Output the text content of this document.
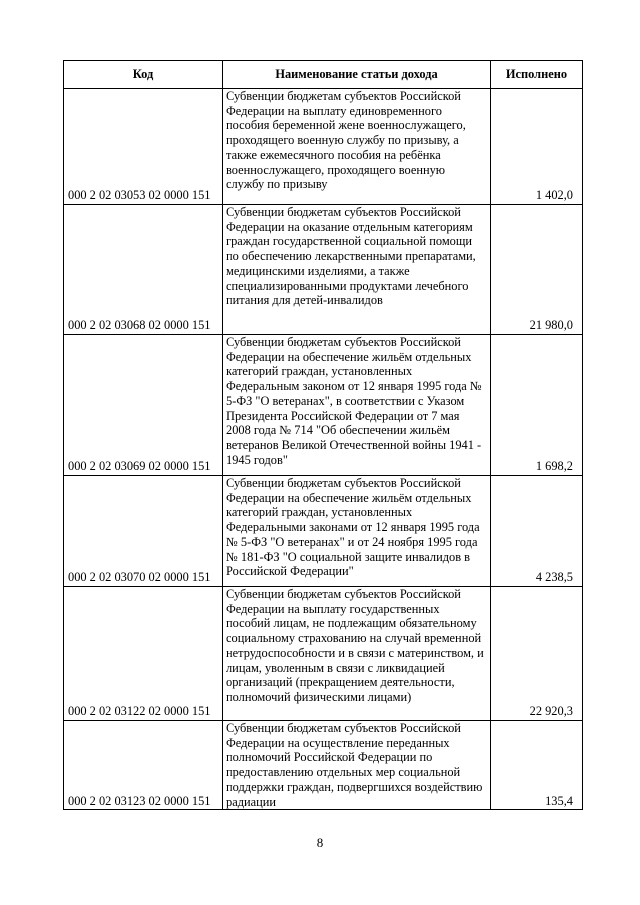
Код	Наименование статьи дохода	Исполнено
000 2 02 03053 02 0000 151	Субвенции бюджетам субъектов Российской Федерации на выплату единовременного пособия беременной жене военнослужащего, проходящего военную службу по призыву, а также ежемесячного пособия на ребёнка военнослужащего, проходящего военную службу по призыву	1 402,0
000 2 02 03068 02 0000 151	Субвенции бюджетам субъектов Российской Федерации на оказание отдельным категориям граждан государственной социальной помощи по обеспечению лекарственными препаратами, медицинскими изделиями, а также специализированными продуктами лечебного питания для детей-инвалидов	21 980,0
000 2 02 03069 02 0000 151	Субвенции бюджетам субъектов Российской Федерации на обеспечение жильём отдельных категорий граждан, установленных Федеральным законом от 12 января 1995 года № 5-ФЗ "О ветеранах", в соответствии с Указом Президента Российской Федерации от 7 мая 2008 года № 714 "Об обеспечении жильём ветеранов Великой Отечественной войны 1941 - 1945 годов"	1 698,2
000 2 02 03070 02 0000 151	Субвенции бюджетам субъектов Российской Федерации на обеспечение жильём отдельных категорий граждан, установленных Федеральными законами от 12 января 1995 года № 5-ФЗ "О ветеранах" и от 24 ноября 1995 года № 181-ФЗ "О социальной защите инвалидов в Российской Федерации"	4 238,5
000 2 02 03122 02 0000 151	Субвенции бюджетам субъектов Российской Федерации на выплату государственных пособий лицам, не подлежащим обязательному социальному страхованию на случай временной нетрудоспособности и в связи с материнством, и лицам, уволенным в связи с ликвидацией организаций (прекращением деятельности, полномочий физическими лицами)	22 920,3
000 2 02 03123 02 0000 151	Субвенции бюджетам субъектов Российской Федерации на осуществление переданных полномочий Российской Федерации по предоставлению отдельных мер социальной поддержки граждан, подвергшихся воздействию радиации	135,4
8
